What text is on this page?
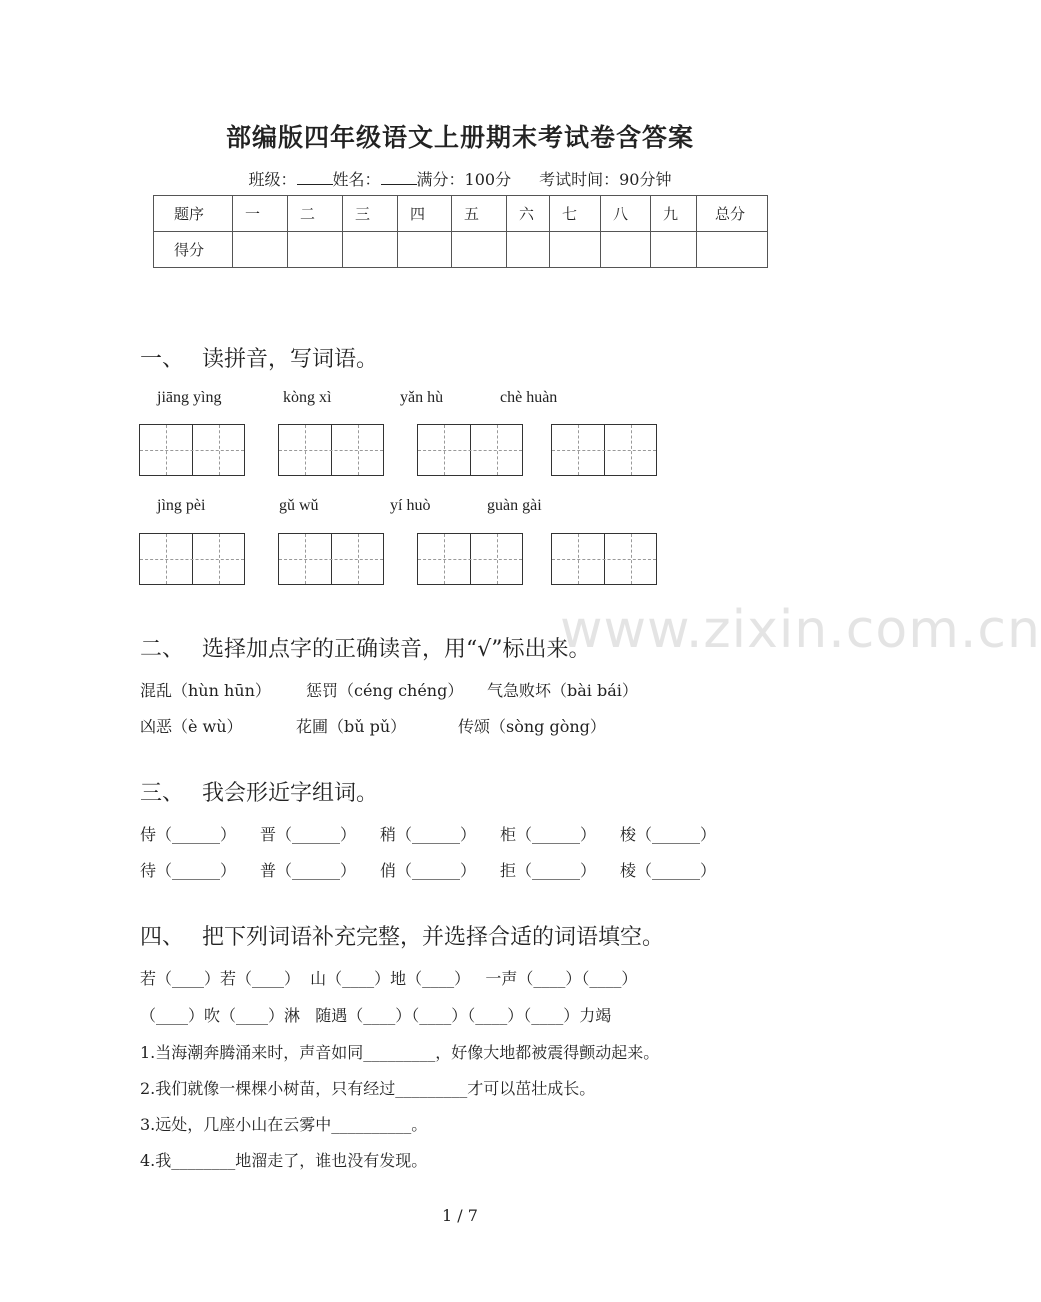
部编版四年级语文上册期末考试卷含答案
班级： 姓名： 满分：100分 考试时间：90分钟
题序	一	二	三	四	五	六	七	八	九	总分
得分										
一、 读拼音，写词语。
jiāng yìng	kòng xì	yǎn hù	chè huàn
jìng pèi	gǔ wǔ	yí huò	guàn gài
www.zixin.com.cn
二、 选择加点字的正确读音，用“√”标出来。
混乱（hùn hūn） 惩罚（céng chéng） 气急败坏（bài bái）
凶恶（è wù）	花圃（bǔ pǔ）	传颂（sòng gòng）
三、 我会形近字组词。
侍（______） 晋（______） 稍（______） 柜（______） 梭（______）
待（______） 普（______） 俏（______） 拒（______） 棱（______）
四、 把下列词语补充完整，并选择合适的词语填空。
若（____）若（____）  山（____）地（____）   一声（____）（____）
（____）吹（____）淋   随遇（____）（____）（____）（____）力竭
1.当海潮奔腾涌来时，声音如同_________，好像大地都被震得颤动起来。
2.我们就像一棵棵小树苗，只有经过_________才可以茁壮成长。
3.远处，几座小山在云雾中__________。
4.我________地溜走了，谁也没有发现。
1 / 7
